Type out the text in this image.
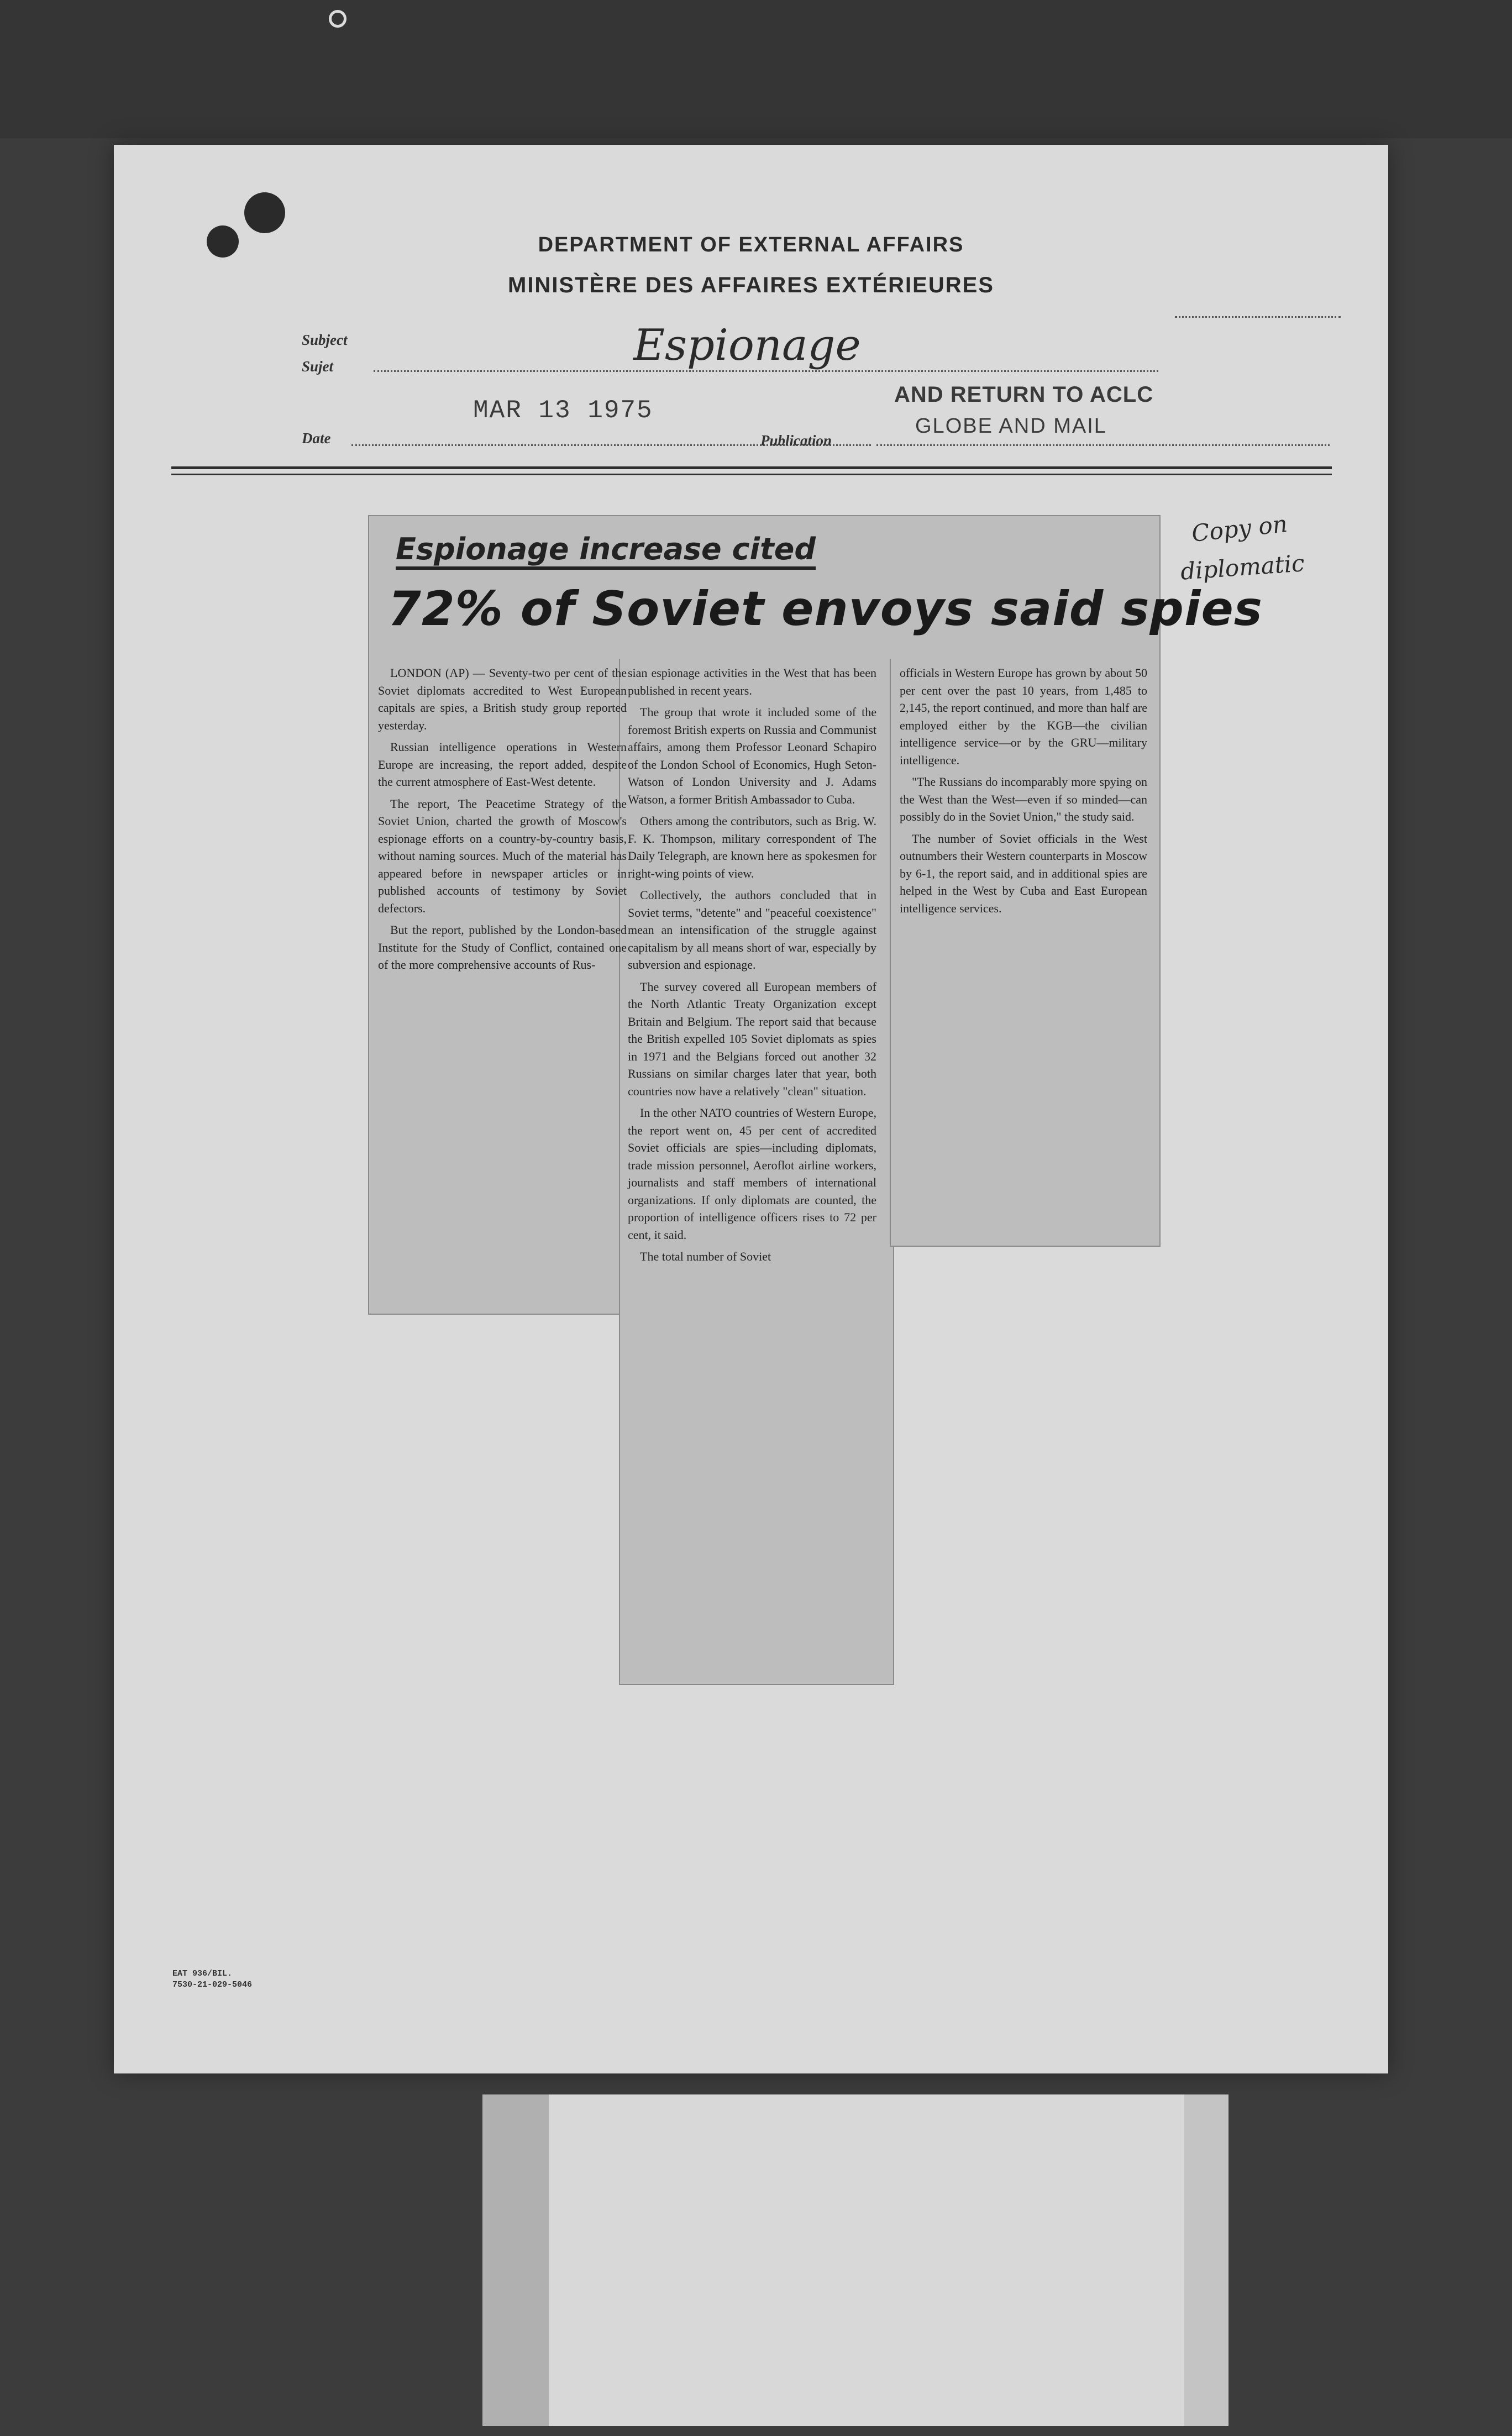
DEPARTMENT OF EXTERNAL AFFAIRS
MINISTÈRE DES AFFAIRES EXTÉRIEURES
Subject
Sujet	Espionage
MAR 13 1975
AND RETURN TO ACLC
GLOBE AND MAIL
Date	Publication
Copy on
diplomatic
Espionage increase cited
72% of Soviet envoys said spies

LONDON (AP) — Seventy-two per cent of the Soviet diplomats accredited to West European capitals are spies, a British study group reported yesterday.

Russian intelligence operations in Western Europe are increasing, the report added, despite the current atmosphere of East-West detente.

The report, The Peacetime Strategy of the Soviet Union, charted the growth of Moscow's espionage efforts on a country-by-country basis, without naming sources. Much of the material has appeared before in newspaper articles or in published accounts of testimony by Soviet defectors.

But the report, published by the London-based Institute for the Study of Conflict, contained one of the more comprehensive accounts of Rus-

sian espionage activities in the West that has been published in recent years.

The group that wrote it included some of the foremost British experts on Russia and Communist affairs, among them Professor Leonard Schapiro of the London School of Economics, Hugh Seton-Watson of London University and J. Adams Watson, a former British Ambassador to Cuba.

Others among the contributors, such as Brig. W. F. K. Thompson, military correspondent of The Daily Telegraph, are known here as spokesmen for right-wing points of view.

Collectively, the authors concluded that in Soviet terms, "detente" and "peaceful coexistence" mean an intensification of the struggle against capitalism by all means short of war, especially by subversion and espionage.

The survey covered all European members of the North Atlantic Treaty Organization except Britain and Belgium. The report said that because the British expelled 105 Soviet diplomats as spies in 1971 and the Belgians forced out another 32 Russians on similar charges later that year, both countries now have a relatively "clean" situation.

In the other NATO countries of Western Europe, the report went on, 45 per cent of accredited Soviet officials are spies—including diplomats, trade mission personnel, Aeroflot airline workers, journalists and staff members of international organizations. If only diplomats are counted, the proportion of intelligence officers rises to 72 per cent, it said.

The total number of Soviet

officials in Western Europe has grown by about 50 per cent over the past 10 years, from 1,485 to 2,145, the report continued, and more than half are employed either by the KGB—the civilian intelligence service—or by the GRU—military intelligence.

"The Russians do incomparably more spying on the West than the West—even if so minded—can possibly do in the Soviet Union," the study said.

The number of Soviet officials in the West outnumbers their Western counterparts in Moscow by 6-1, the report said, and in additional spies are helped in the West by Cuba and East European intelligence services.

EAT 936/BIL.
7530-21-029-5046
